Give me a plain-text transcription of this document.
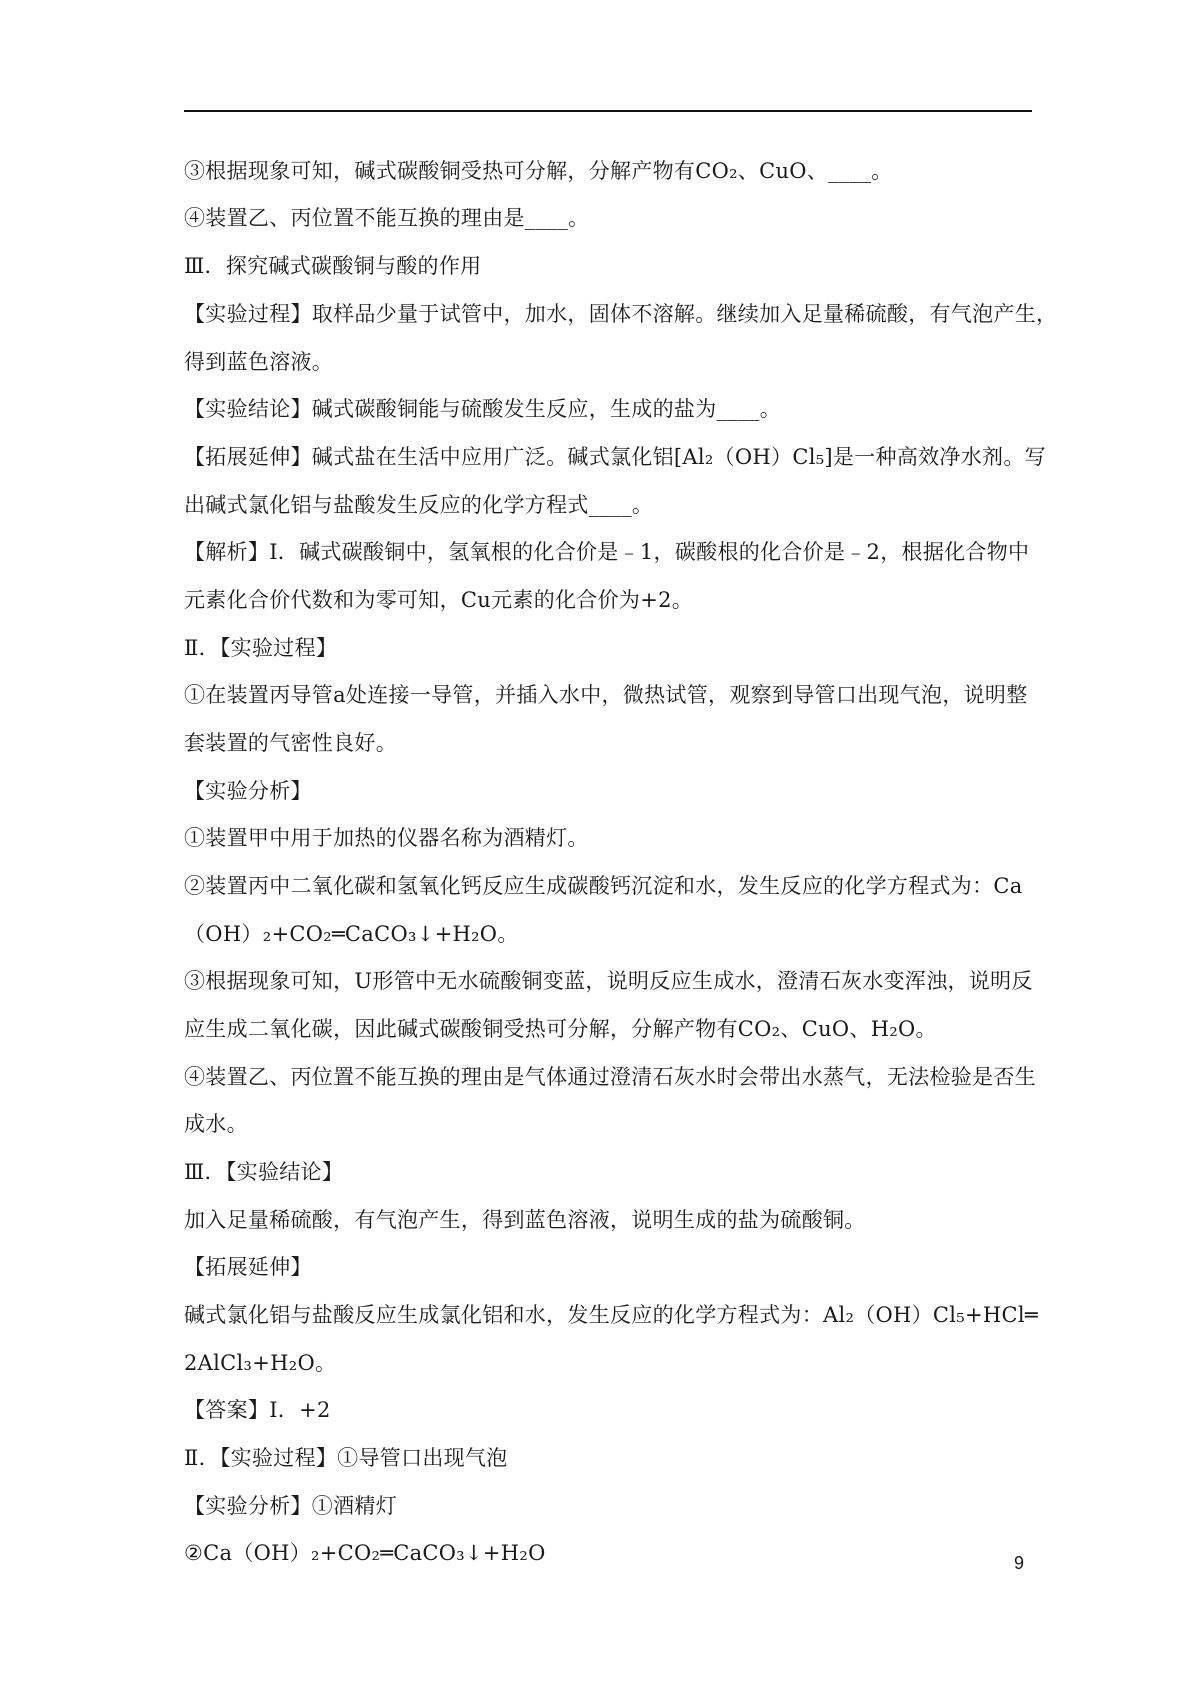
③根据现象可知，碱式碳酸铜受热可分解，分解产物有CO₂、CuO、____。
④装置乙、丙位置不能互换的理由是____。
Ⅲ．探究碱式碳酸铜与酸的作用
【实验过程】取样品少量于试管中，加水，固体不溶解。继续加入足量稀硫酸，有气泡产生，
得到蓝色溶液。
【实验结论】碱式碳酸铜能与硫酸发生反应，生成的盐为____。
【拓展延伸】碱式盐在生活中应用广泛。碱式氯化铝[Al₂（OH）Cl₅]是一种高效净水剂。写
出碱式氯化铝与盐酸发生反应的化学方程式____。
【解析】Ⅰ．碱式碳酸铜中，氢氧根的化合价是﹣1，碳酸根的化合价是﹣2，根据化合物中
元素化合价代数和为零可知，Cu元素的化合价为+2。
Ⅱ．【实验过程】
①在装置丙导管a处连接一导管，并插入水中，微热试管，观察到导管口出现气泡，说明整
套装置的气密性良好。
【实验分析】
①装置甲中用于加热的仪器名称为酒精灯。
②装置丙中二氧化碳和氢氧化钙反应生成碳酸钙沉淀和水，发生反应的化学方程式为：Ca
（OH）₂+CO₂═CaCO₃↓+H₂O。
③根据现象可知，U形管中无水硫酸铜变蓝，说明反应生成水，澄清石灰水变浑浊，说明反
应生成二氧化碳，因此碱式碳酸铜受热可分解，分解产物有CO₂、CuO、H₂O。
④装置乙、丙位置不能互换的理由是气体通过澄清石灰水时会带出水蒸气，无法检验是否生
成水。
Ⅲ．【实验结论】
加入足量稀硫酸，有气泡产生，得到蓝色溶液，说明生成的盐为硫酸铜。
【拓展延伸】
碱式氯化铝与盐酸反应生成氯化铝和水，发生反应的化学方程式为：Al₂（OH）Cl₅+HCl═
2AlCl₃+H₂O。
【答案】Ⅰ．+2
Ⅱ．【实验过程】①导管口出现气泡
【实验分析】①酒精灯
②Ca（OH）₂+CO₂═CaCO₃↓+H₂O	9
